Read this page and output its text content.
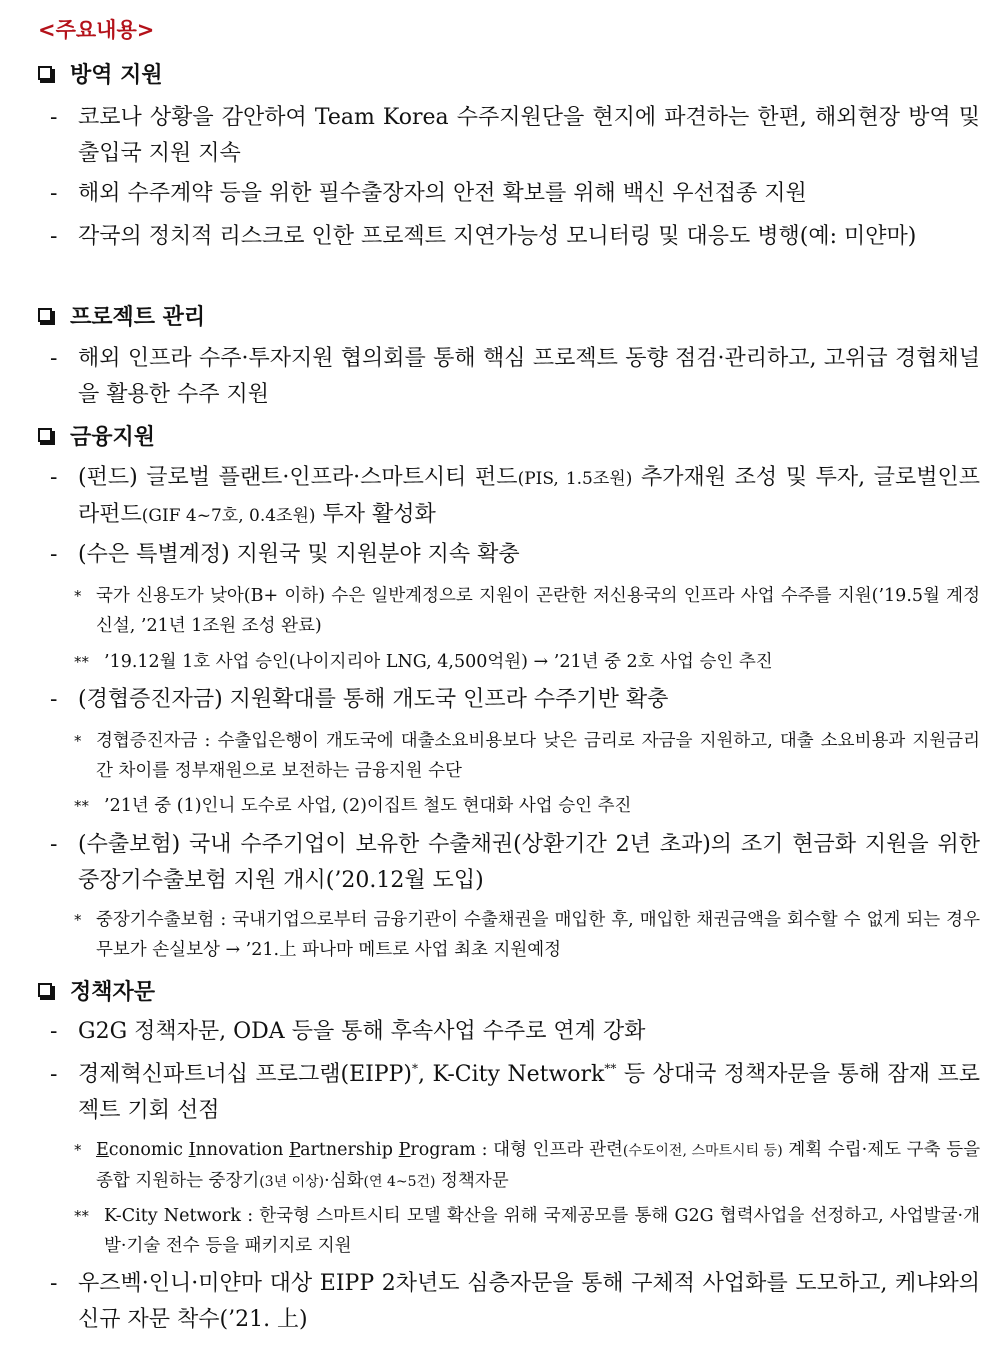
<주요내용>
방역 지원
- 코로나 상황을 감안하여 Team Korea 수주지원단을 현지에 파견하는 한편, 해외현장 방역 및 출입국 지원 지속
- 해외 수주계약 등을 위한 필수출장자의 안전 확보를 위해 백신 우선접종 지원
- 각국의 정치적 리스크로 인한 프로젝트 지연가능성 모니터링 및 대응도 병행(예: 미얀마)
프로젝트 관리
- 해외 인프라 수주·투자지원 협의회를 통해 핵심 프로젝트 동향 점검·관리하고, 고위급 경협채널을 활용한 수주 지원
금융지원
- (펀드) 글로벌 플랜트·인프라·스마트시티 펀드(PIS, 1.5조원) 추가재원 조성 및 투자, 글로벌인프라펀드(GIF 4~7호, 0.4조원) 투자 활성화
- (수은 특별계정) 지원국 및 지원분야 지속 확충
* 국가 신용도가 낮아(B+ 이하) 수은 일반계정으로 지원이 곤란한 저신용국의 인프라 사업 수주를 지원(’19.5월 계정 신설, ’21년 1조원 조성 완료)
** ’19.12월 1호 사업 승인(나이지리아 LNG, 4,500억원) → ’21년 중 2호 사업 승인 추진
- (경협증진자금) 지원확대를 통해 개도국 인프라 수주기반 확충
* 경협증진자금 : 수출입은행이 개도국에 대출소요비용보다 낮은 금리로 자금을 지원하고, 대출 소요비용과 지원금리간 차이를 정부재원으로 보전하는 금융지원 수단
** ’21년 중 (1)인니 도수로 사업, (2)이집트 철도 현대화 사업 승인 추진
- (수출보험) 국내 수주기업이 보유한 수출채권(상환기간 2년 초과)의 조기 현금화 지원을 위한 중장기수출보험 지원 개시(’20.12월 도입)
* 중장기수출보험 : 국내기업으로부터 금융기관이 수출채권을 매입한 후, 매입한 채권금액을 회수할 수 없게 되는 경우 무보가 손실보상 → ’21.上 파나마 메트로 사업 최초 지원예정
정책자문
- G2G 정책자문, ODA 등을 통해 후속사업 수주로 연계 강화
- 경제혁신파트너십 프로그램(EIPP)*, K-City Network** 등 상대국 정책자문을 통해 잠재 프로젝트 기회 선점
* Economic Innovation Partnership Program : 대형 인프라 관련(수도이전, 스마트시티 등) 계획 수립·제도 구축 등을 종합 지원하는 중장기(3년 이상)·심화(연 4~5건) 정책자문
** K-City Network : 한국형 스마트시티 모델 확산을 위해 국제공모를 통해 G2G 협력사업을 선정하고, 사업발굴·개발·기술 전수 등을 패키지로 지원
- 우즈벡·인니·미얀마 대상 EIPP 2차년도 심층자문을 통해 구체적 사업화를 도모하고, 케냐와의 신규 자문 착수(’21. 上)
